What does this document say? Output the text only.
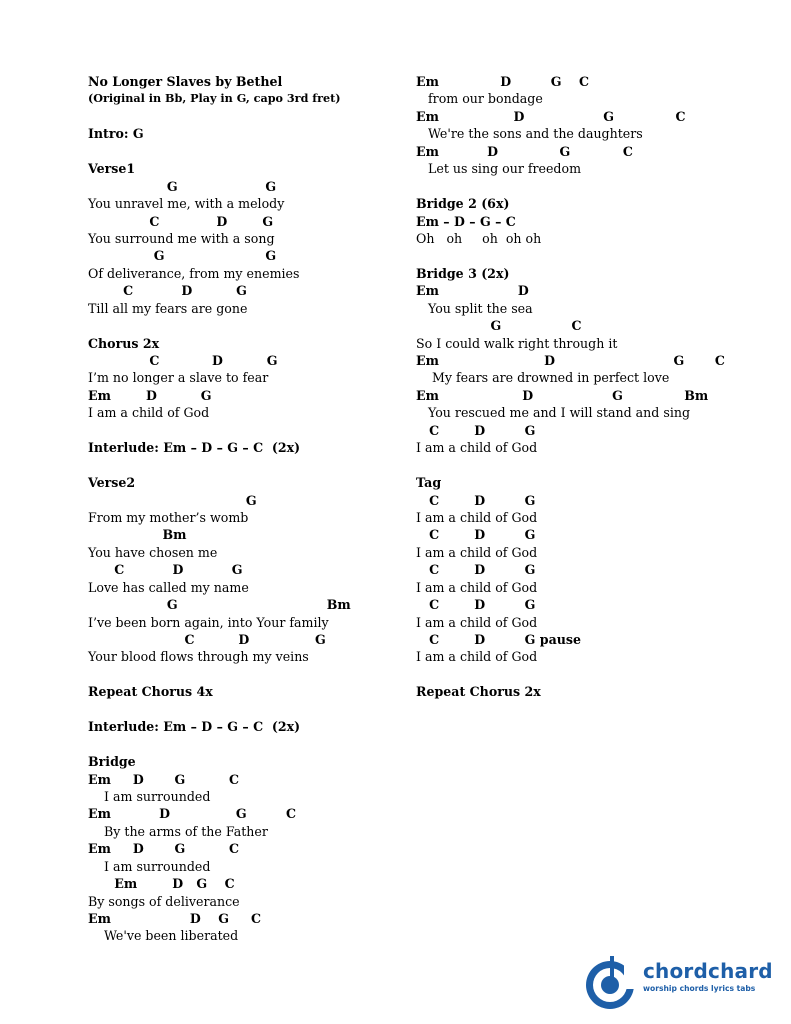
No Longer Slaves by Bethel
(Original in Bb, Play in G, capo 3rd fret)
Intro: G
Verse1
G                    G
You unravel me, with a melody
C             D        G
You surround me with a song
G                       G
Of deliverance, from my enemies
C           D          G
Till all my fears are gone
Chorus 2x
C            D          G
I’m no longer a slave to fear
Em        D          G
I am a child of God
Interlude: Em – D – G – C  (2x)
Verse2
G
From my mother’s womb
Bm
You have chosen me
C           D           G
Love has called my name
G                                  Bm
I’ve been born again, into Your family
C          D               G
Your blood flows through my veins
Repeat Chorus 4x
Interlude: Em – D – G – C  (2x)
Bridge
Em     D       G          C
I am surrounded
Em           D               G         C
By the arms of the Father
Em     D       G          C
I am surrounded
Em        D   G    C
By songs of deliverance
Em                  D    G     C
We've been liberated
Em              D         G    C
from our bondage
Em                 D                  G              C
We're the sons and the daughters
Em           D              G            C
Let us sing our freedom
Bridge 2 (6x)
Em – D – G – C
Oh   oh     oh  oh oh
Bridge 3 (2x)
Em                  D
You split the sea
G                C
So I could walk right through it
Em                        D                           G       C
My fears are drowned in perfect love
Em                   D                  G              Bm
You rescued me and I will stand and sing
C        D         G
I am a child of God
Tag
C        D         G
I am a child of God
C        D         G
I am a child of God
C        D         G
I am a child of God
C        D         G
I am a child of God
C        D         G pause
I am a child of God
Repeat Chorus 2x
chordchard
worship chords lyrics tabs
